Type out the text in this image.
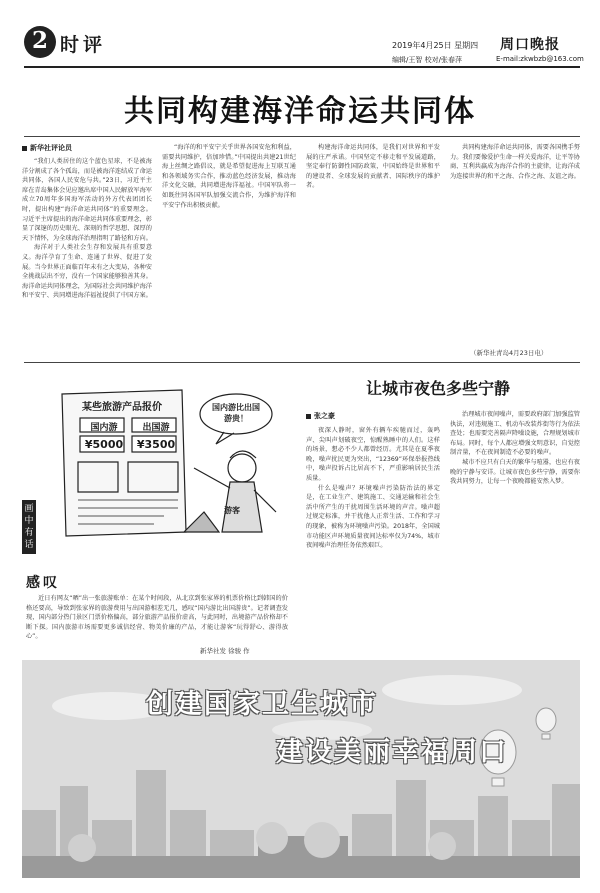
2 时评	2019年4月25日 星期四 周口晚报
编辑/王智 校对/张春萍	E-mail:zkwbzb@163.com
共同构建海洋命运共同体
新华社评论员

“我们人类居住的这个蓝色星球，不是被海洋分割成了各个孤岛，而是被海洋连结成了命运共同体，各国人民安危与共。”23日，习近平主席在青岛集体会见应邀出席中国人民解放军海军成立70周年多国海军活动的外方代表团团长时，提出构建“海洋命运共同体”的重要理念。习近平主席提出的海洋命运共同体重要理念，彰显了深邃的历史眼光、深刻的哲学思想、深厚的天下情怀，为全球海洋治理指明了路径和方向。

海洋对于人类社会生存和发展具有重要意义。海洋孕育了生命、连通了世界、促进了发展。当今世界正面临百年未有之大变局，各种安全挑战层出不穷，没有一个国家能够独善其身。海洋命运共同体理念，为国际社会共同维护海洋和平安宁、共同增进海洋福祉提供了中国方案。

“海洋的和平安宁关乎世界各国安危和利益，需要共同维护，倍加珍惜。”中国提出共建21世纪海上丝绸之路倡议，就是希望促进海上互联互通和各领域务实合作，推动蓝色经济发展，推动海洋文化交融，共同增进海洋福祉。中国军队将一如既往同各国军队加强交流合作，为维护海洋和平安宁作出积极贡献。

构建海洋命运共同体，是我们对世界和平发展的庄严承诺。中国坚定不移走和平发展道路，坚定奉行防御性国防政策，中国始终是世界和平的建设者、全球发展的贡献者、国际秩序的维护者。

共同构建海洋命运共同体，需要各国携手努力。我们要像爱护生命一样关爱海洋，让平等协商、互利共赢成为海洋合作的主旋律，让海洋成为连接世界的和平之海、合作之海、友谊之海。

（新华社青岛4月23日电）
某些旅游产品报价
国内游	出国游
¥5000 ¥3500
国内游比出国游贵！
游客
画中有话
感叹
近日有网友“晒”出一张旅游账单：在某个时间段，从北京到张家界的机票价格比到韩国的价格还要高，导致到张家界的旅游费用与出国游相差无几，感叹“国内游比出国游贵”。记者调查发现，国内部分热门景区门票价格偏高，部分旅游产品报价虚高，与此同时，出境游产品价格却不断下探。国内旅游市场需要更多诚信经营、物美价廉的产品，才能让游客“玩得舒心、游得放心”。
新华社发 徐骏 作
让城市夜色多些宁静
张之豪

夜深人静时，窗外有辆车疾驰而过，轰鸣声、尖叫声划破夜空，惊醒熟睡中的人们。这样的场景，想必不少人都曾经历。尤其是在夏季夜晚，噪声扰民更为突出，“12369”环保举报热线中，噪声投诉占比居高不下，严重影响居民生活质量。

什么是噪声？环境噪声污染防治法的界定是，在工业生产、建筑施工、交通运输和社会生活中所产生的干扰周围生活环境的声音。噪声超过规定标准，并干扰他人正常生活、工作和学习的现象，被称为环境噪声污染。2018年，全国城市功能区声环境质量夜间达标率仅为74%，城市夜间噪声治理任务依然艰巨。

治理城市夜间噪声，需要政府部门加强监管执法，对违规施工、机动车改装炸街等行为依法查处；也需要完善隔声降噪设施，合理规划城市布局。同时，每个人都应增强文明意识，自觉控制音量，不在夜间制造不必要的噪声。

城市不应只有白天的繁华与喧嚣，也应有夜晚的宁静与安详。让城市夜色多些宁静，需要你我共同努力，让每一个夜晚都能安然入梦。

创建国家卫生城市
建设美丽幸福周口
